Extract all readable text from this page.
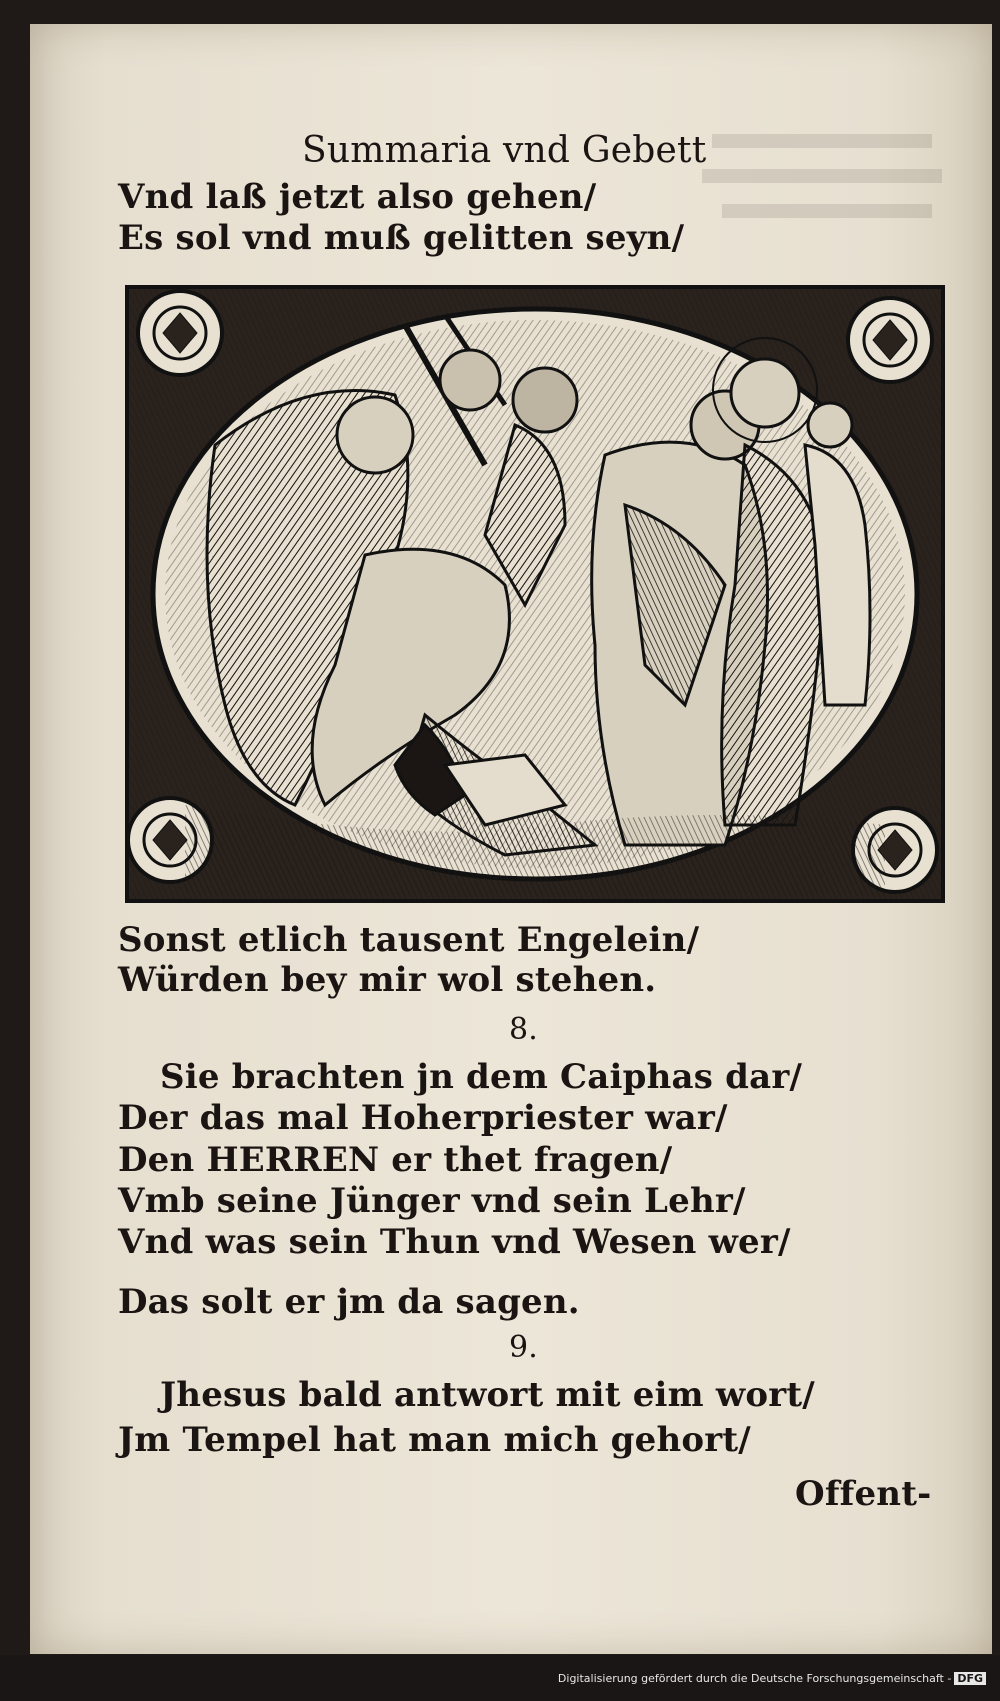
Summaria vnd Gebett
Vnd laß jetzt also gehen/
Es sol vnd muß gelitten seyn/
Sonst etlich tausent Engelein/
Würden bey mir wol stehen.
8.
Sie brachten jn dem Caiphas dar/
Der das mal Hoherpriester war/
Den HERREN er thet fragen/
Vmb seine Jünger vnd sein Lehr/
Vnd was sein Thun vnd Wesen wer/
Das solt er jm da sagen.
9.
Jhesus bald antwort mit eim wort/
Jm Tempel hat man mich gehort/
Offent-
Digitalisierung gefördert durch die Deutsche Forschungsgemeinschaft - DFG
